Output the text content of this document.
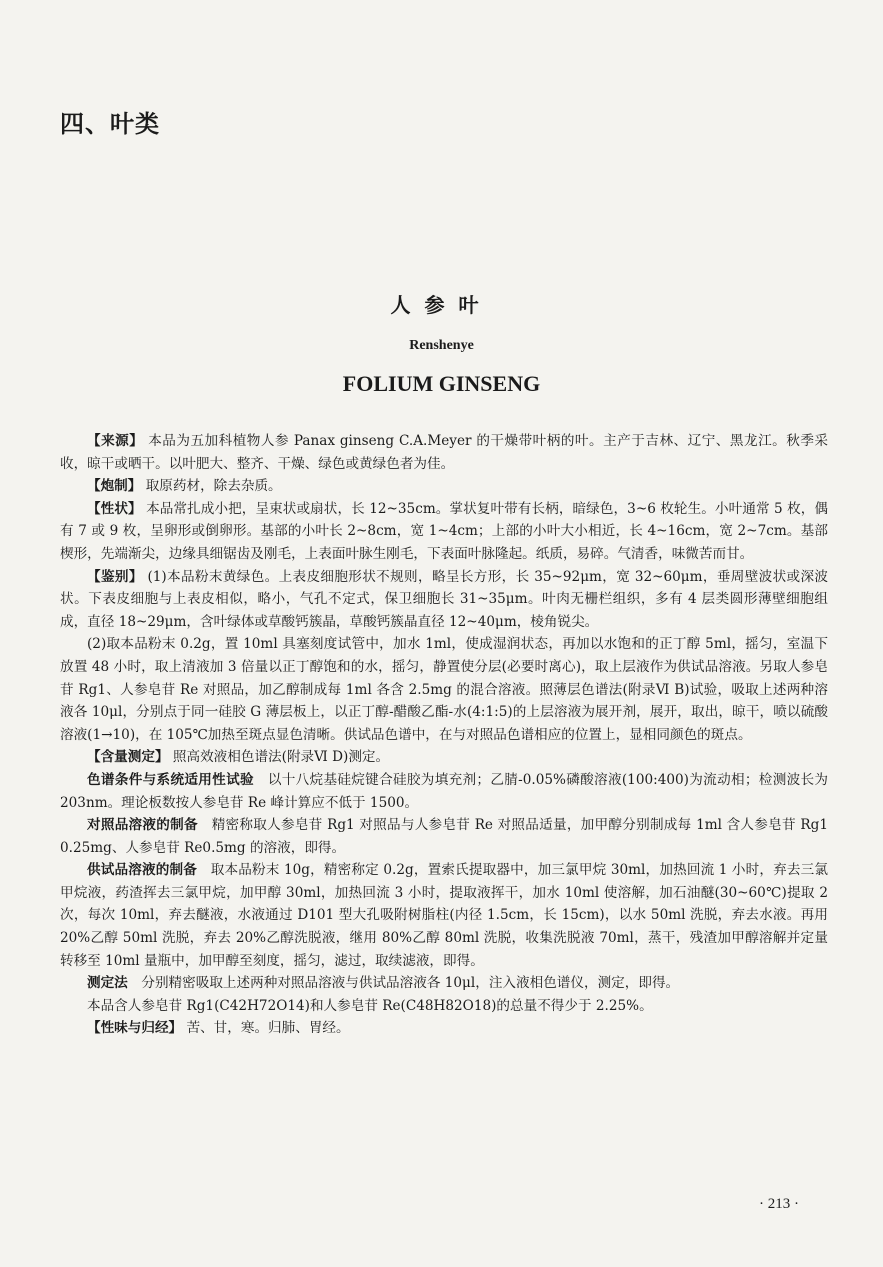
四、叶类
人参叶
Renshenye
FOLIUM GINSENG

【来源】 本品为五加科植物人参 Panax ginseng C.A.Meyer 的干燥带叶柄的叶。主产于吉林、辽宁、黑龙江。秋季采收，晾干或晒干。以叶肥大、整齐、干燥、绿色或黄绿色者为佳。

【炮制】 取原药材，除去杂质。

【性状】 本品常扎成小把，呈束状或扇状，长 12~35cm。掌状复叶带有长柄，暗绿色，3~6 枚轮生。小叶通常 5 枚，偶有 7 或 9 枚，呈卵形或倒卵形。基部的小叶长 2~8cm，宽 1~4cm；上部的小叶大小相近，长 4~16cm，宽 2~7cm。基部楔形，先端渐尖，边缘具细锯齿及刚毛，上表面叶脉生刚毛，下表面叶脉隆起。纸质，易碎。气清香，味微苦而甘。

【鉴别】 (1)本品粉末黄绿色。上表皮细胞形状不规则，略呈长方形，长 35~92μm，宽 32~60μm，垂周壁波状或深波状。下表皮细胞与上表皮相似，略小，气孔不定式，保卫细胞长 31~35μm。叶肉无栅栏组织，多有 4 层类圆形薄壁细胞组成，直径 18~29μm，含叶绿体或草酸钙簇晶，草酸钙簇晶直径 12~40μm，棱角锐尖。

(2)取本品粉末 0.2g，置 10ml 具塞刻度试管中，加水 1ml，使成湿润状态，再加以水饱和的正丁醇 5ml，摇匀，室温下放置 48 小时，取上清液加 3 倍量以正丁醇饱和的水，摇匀，静置使分层(必要时离心)，取上层液作为供试品溶液。另取人参皂苷 Rg1、人参皂苷 Re 对照品，加乙醇制成每 1ml 各含 2.5mg 的混合溶液。照薄层色谱法(附录Ⅵ B)试验，吸取上述两种溶液各 10μl，分别点于同一硅胶 G 薄层板上，以正丁醇-醋酸乙酯-水(4:1:5)的上层溶液为展开剂，展开，取出，晾干，喷以硫酸溶液(1→10)，在 105℃加热至斑点显色清晰。供试品色谱中，在与对照品色谱相应的位置上，显相同颜色的斑点。

【含量测定】 照高效液相色谱法(附录Ⅵ D)测定。

色谱条件与系统适用性试验　 以十八烷基硅烷键合硅胶为填充剂；乙腈-0.05%磷酸溶液(100:400)为流动相；检测波长为 203nm。理论板数按人参皂苷 Re 峰计算应不低于 1500。

对照品溶液的制备　 精密称取人参皂苷 Rg1 对照品与人参皂苷 Re 对照品适量，加甲醇分别制成每 1ml 含人参皂苷 Rg1 0.25mg、人参皂苷 Re0.5mg 的溶液，即得。

供试品溶液的制备　 取本品粉末 10g，精密称定 0.2g，置索氏提取器中，加三氯甲烷 30ml，加热回流 1 小时，弃去三氯甲烷液，药渣挥去三氯甲烷，加甲醇 30ml，加热回流 3 小时，提取液挥干，加水 10ml 使溶解，加石油醚(30~60℃)提取 2 次，每次 10ml，弃去醚液，水液通过 D101 型大孔吸附树脂柱(内径 1.5cm，长 15cm)，以水 50ml 洗脱，弃去水液。再用 20%乙醇 50ml 洗脱，弃去 20%乙醇洗脱液，继用 80%乙醇 80ml 洗脱，收集洗脱液 70ml，蒸干，残渣加甲醇溶解并定量转移至 10ml 量瓶中，加甲醇至刻度，摇匀，滤过，取续滤液，即得。

测定法　 分别精密吸取上述两种对照品溶液与供试品溶液各 10μl，注入液相色谱仪，测定，即得。

本品含人参皂苷 Rg1(C42H72O14)和人参皂苷 Re(C48H82O18)的总量不得少于 2.25%。

【性味与归经】 苦、甘，寒。归肺、胃经。

· 213 ·
